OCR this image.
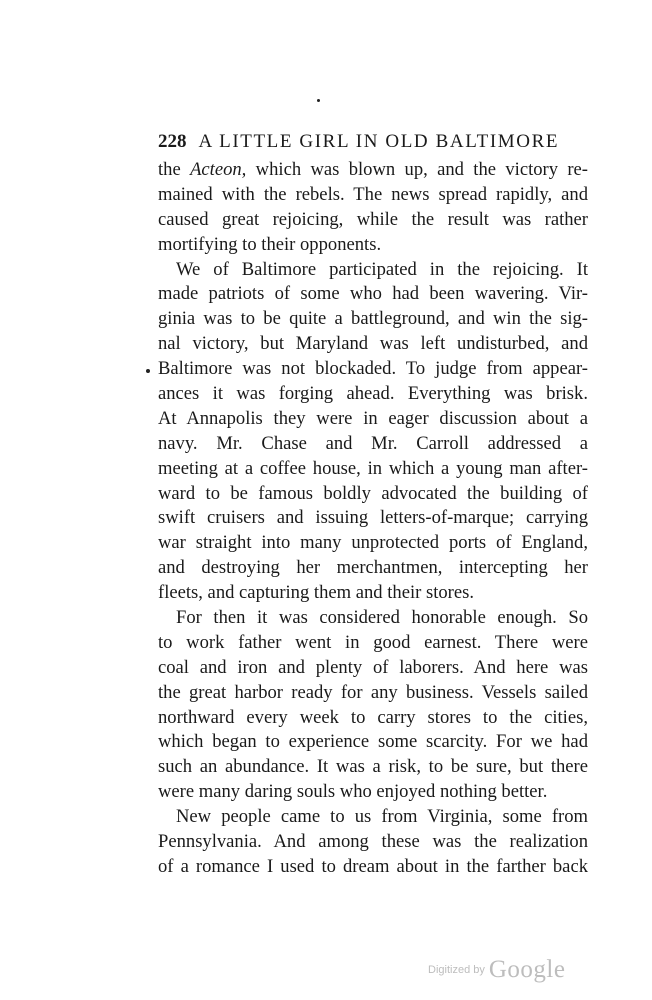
228 A LITTLE GIRL IN OLD BALTIMORE
the Acteon, which was blown up, and the victory re-
mained with the rebels. The news spread rapidly, and
caused great rejoicing, while the result was rather
mortifying to their opponents.
We of Baltimore participated in the rejoicing. It
made patriots of some who had been wavering. Vir-
ginia was to be quite a battleground, and win the sig-
nal victory, but Maryland was left undisturbed, and
Baltimore was not blockaded. To judge from appear-
ances it was forging ahead. Everything was brisk.
At Annapolis they were in eager discussion about a
navy. Mr. Chase and Mr. Carroll addressed a
meeting at a coffee house, in which a young man after-
ward to be famous boldly advocated the building of
swift cruisers and issuing letters-of-marque; carrying
war straight into many unprotected ports of England,
and destroying her merchantmen, intercepting her
fleets, and capturing them and their stores.
For then it was considered honorable enough. So
to work father went in good earnest. There were
coal and iron and plenty of laborers. And here was
the great harbor ready for any business. Vessels sailed
northward every week to carry stores to the cities,
which began to experience some scarcity. For we had
such an abundance. It was a risk, to be sure, but there
were many daring souls who enjoyed nothing better.
New people came to us from Virginia, some from
Pennsylvania. And among these was the realization
of a romance I used to dream about in the farther back
Digitized by Google
